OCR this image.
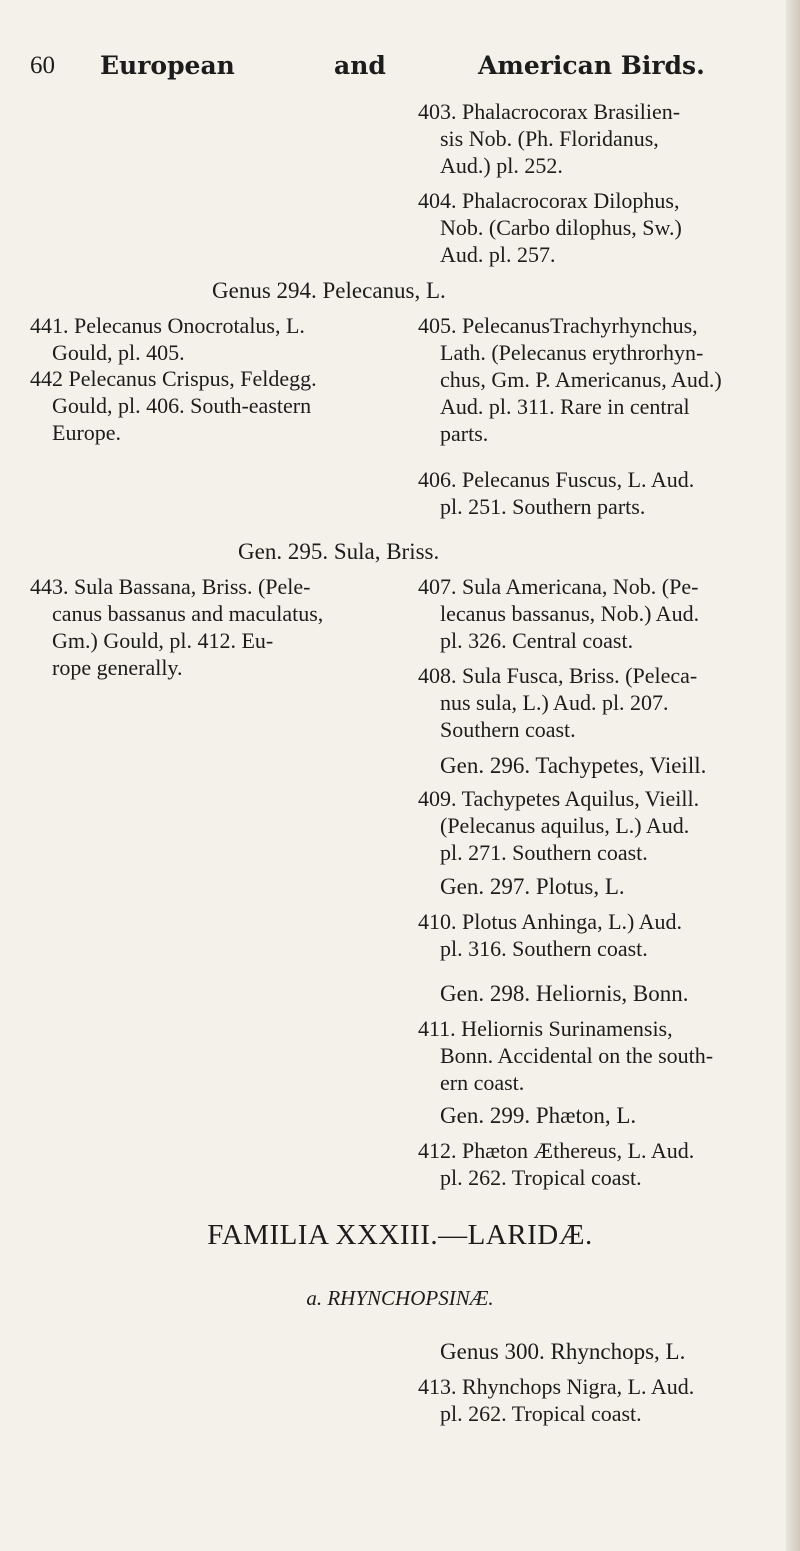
60 European	and	American Birds.
403. Phalacrocorax Brasilien-
sis Nob. (Ph. Floridanus,
Aud.) pl. 252.
404. Phalacrocorax Dilophus,
Nob. (Carbo dilophus, Sw.)
Aud. pl. 257.
Genus 294. Pelecanus, L.
441. Pelecanus Onocrotalus, L.
Gould, pl. 405.
442 Pelecanus Crispus, Feldegg.
Gould, pl. 406. South-eastern
Europe.
405. PelecanusTrachyrhynchus,
Lath. (Pelecanus erythrorhyn-
chus, Gm. P. Americanus, Aud.)
Aud. pl. 311. Rare in central
parts.
406. Pelecanus Fuscus, L. Aud.
pl. 251. Southern parts.
Gen. 295. Sula, Briss.
443. Sula Bassana, Briss. (Pele-
canus bassanus and maculatus,
Gm.) Gould, pl. 412. Eu-
rope generally.
407. Sula Americana, Nob. (Pe-
lecanus bassanus, Nob.) Aud.
pl. 326. Central coast.
408. Sula Fusca, Briss. (Peleca-
nus sula, L.) Aud. pl. 207.
Southern coast.
Gen. 296. Tachypetes, Vieill.
409. Tachypetes Aquilus, Vieill.
(Pelecanus aquilus, L.) Aud.
pl. 271. Southern coast.
Gen. 297. Plotus, L.
410. Plotus Anhinga, L.) Aud.
pl. 316. Southern coast.
Gen. 298. Heliornis, Bonn.
411. Heliornis Surinamensis,
Bonn. Accidental on the south-
ern coast.
Gen. 299. Phæton, L.
412. Phæton Æthereus, L. Aud.
pl. 262. Tropical coast.
FAMILIA XXXIII.—LARIDÆ.
a. RHYNCHOPSINÆ.
Genus 300. Rhynchops, L.
413. Rhynchops Nigra, L. Aud.
pl. 262. Tropical coast.
